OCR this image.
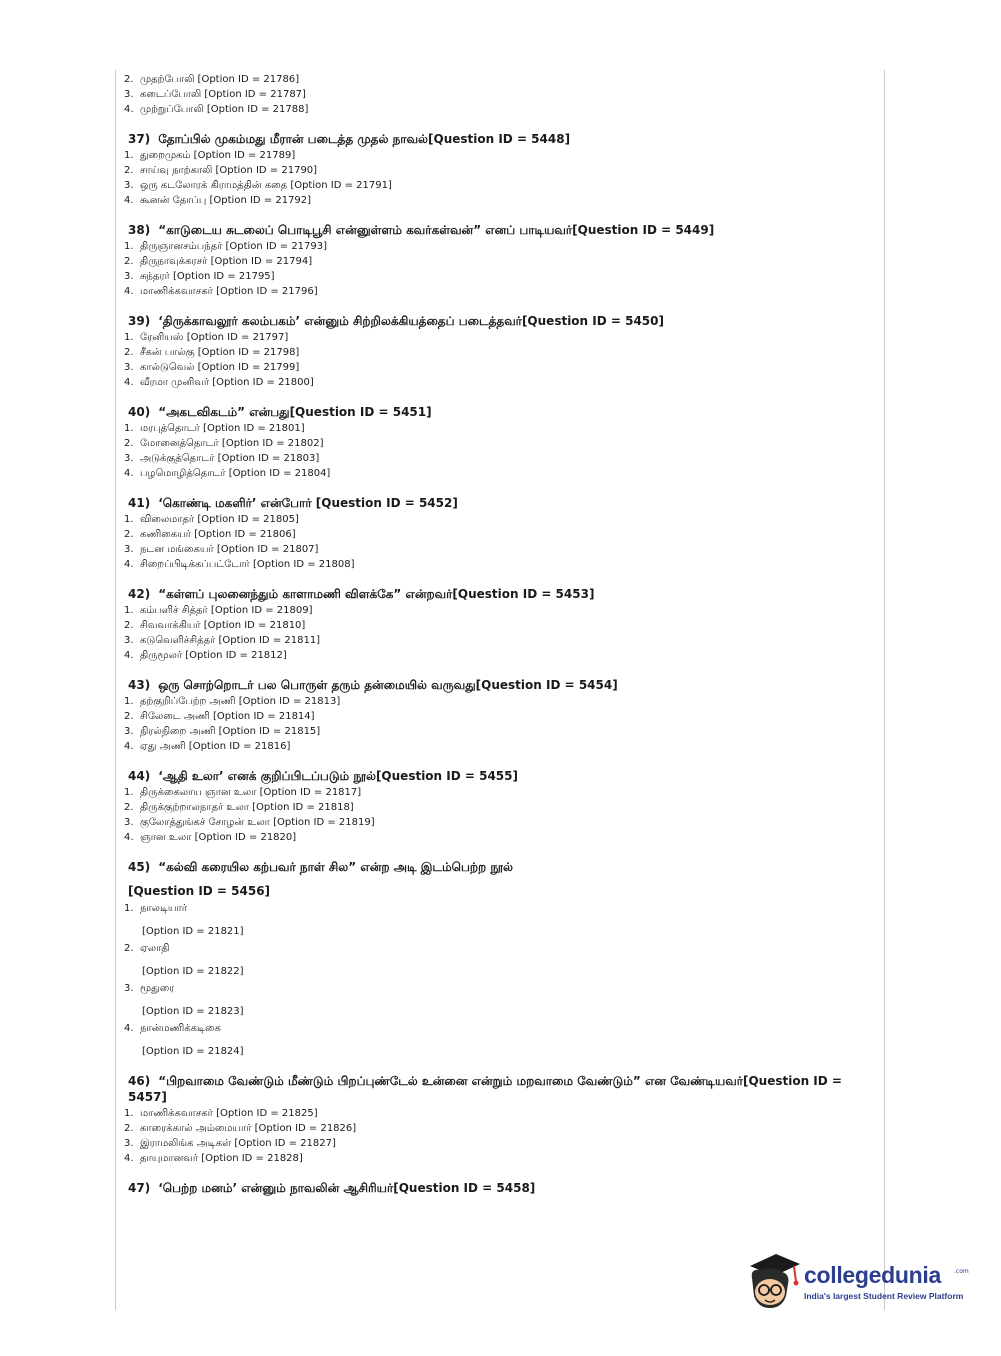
2. முதற்போலி [Option ID = 21786]
3. கடைப்போலி [Option ID = 21787]
4. முற்றுப்போலி [Option ID = 21788]
37) தோப்பில் முகம்மது மீரான் படைத்த முதல் நாவல்[Question ID = 5448]
1. துறைமுகம் [Option ID = 21789]
2. சாய்வு நாற்காலி [Option ID = 21790]
3. ஒரு கடலோரக் கிராமத்தின் கதை [Option ID = 21791]
4. கூனன் தோப்பு [Option ID = 21792]
38) “காடுடைய சுடலைப் பொடிபூசி என்னுள்ளம் கவர்கள்வன்” எனப் பாடியவர்[Question ID = 5449]
1. திருஞானசம்பந்தர் [Option ID = 21793]
2. திருநாவுக்கரசர் [Option ID = 21794]
3. சுந்தரர் [Option ID = 21795]
4. மாணிக்கவாசகர் [Option ID = 21796]
39) ‘திருக்காவலூர் கலம்பகம்’ என்னும் சிற்றிலக்கியத்தைப் படைத்தவர்[Question ID = 5450]
1. ரேனியஸ் [Option ID = 21797]
2. சீகன் பால்கு [Option ID = 21798]
3. கால்டுவெல் [Option ID = 21799]
4. வீரமா முனிவர் [Option ID = 21800]
40) “அகடவிகடம்” என்பது[Question ID = 5451]
1. மரபுத்தொடர் [Option ID = 21801]
2. மோனைத்தொடர் [Option ID = 21802]
3. அடுக்குத்தொடர் [Option ID = 21803]
4. பழமொழித்தொடர் [Option ID = 21804]
41) ‘கொண்டி மகளிர்’ என்போர் [Question ID = 5452]
1. விலைமாதர் [Option ID = 21805]
2. கணிகையர் [Option ID = 21806]
3. நடன மங்கையர் [Option ID = 21807]
4. சிறைப்பிடிக்கப்பட்டோர் [Option ID = 21808]
42) “கள்ளப் புலனைந்தும் காளாமணி விளக்கே” என்றவர்[Question ID = 5453]
1. கம்பளிச் சித்தர் [Option ID = 21809]
2. சிவவாக்கியர் [Option ID = 21810]
3. கடுவெளிச்சித்தர் [Option ID = 21811]
4. திருமூலர் [Option ID = 21812]
43) ஒரு சொற்றொடர் பல பொருள் தரும் தன்மையில் வருவது[Question ID = 5454]
1. தற்குறிப்பேற்ற அணி [Option ID = 21813]
2. சிலேடை அணி [Option ID = 21814]
3. நிரல்நிறை அணி [Option ID = 21815]
4. ஏது அணி [Option ID = 21816]
44) ‘ஆதி உலா’ எனக் குறிப்பிடப்படும் நூல்[Question ID = 5455]
1. திருக்கைலாய ஞான உலா [Option ID = 21817]
2. திருக்குற்றாலநாதர் உலா [Option ID = 21818]
3. குலோத்துங்கச் சோழன் உலா [Option ID = 21819]
4. ஞான உலா [Option ID = 21820]
45) “கல்வி கரையில கற்பவர் நாள் சில” என்ற அடி இடம்பெற்ற நூல்
[Question ID = 5456]
1. நாலடியார்
[Option ID = 21821]
2. ஏலாதி
[Option ID = 21822]
3. மூதுரை
[Option ID = 21823]
4. நான்மணிக்கடிகை
[Option ID = 21824]
46) “பிறவாமை வேண்டும் மீண்டும் பிறப்புண்டேல் உன்னை என்றும் மறவாமை வேண்டும்” என வேண்டியவர்[Question ID = 5457]
1. மாணிக்கவாசகர் [Option ID = 21825]
2. காரைக்கால் அம்மையார் [Option ID = 21826]
3. இராமலிங்க அடிகள் [Option ID = 21827]
4. தாயுமானவர் [Option ID = 21828]
47) ‘பெற்ற மனம்’ என்னும் நாவலின் ஆசிரியர்[Question ID = 5458]
collegedunia .com
India's largest Student Review Platform
